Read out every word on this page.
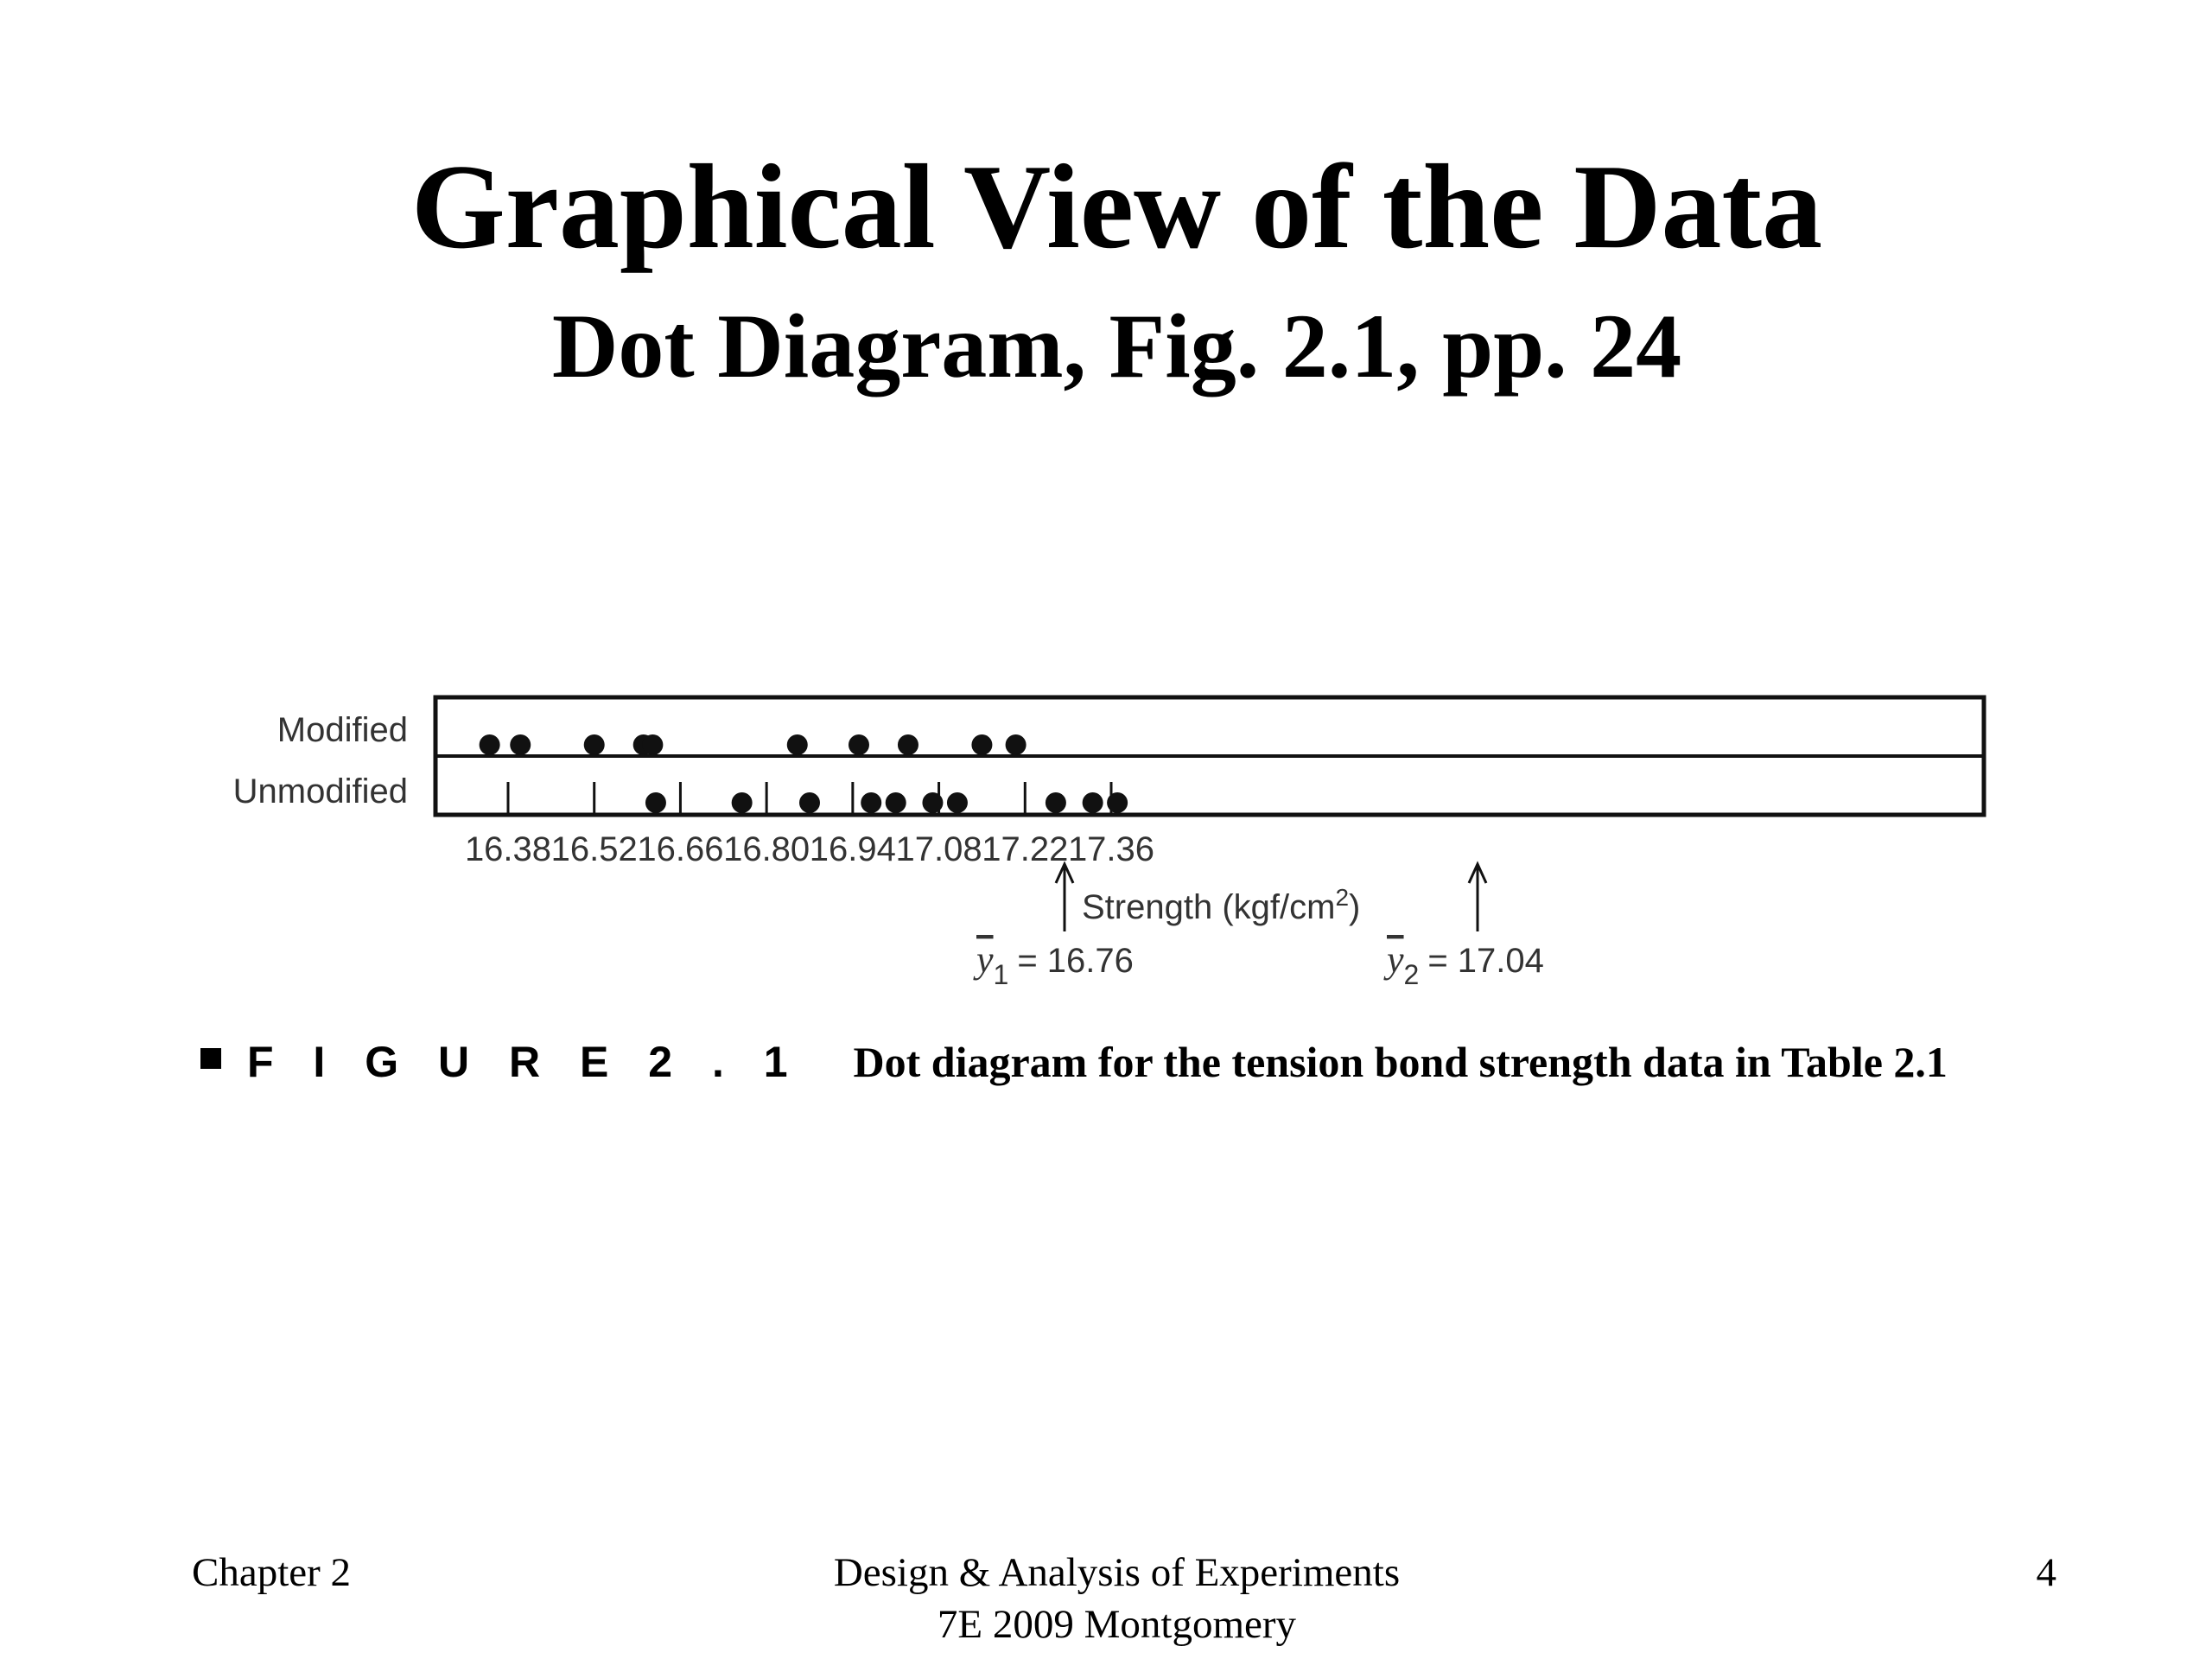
Graphical View of the Data
Dot Diagram, Fig. 2.1, pp. 24
Modified
Unmodified
16.38 16.52 16.66 16.80 16.94 17.08 17.22 17.36
Strength $(kgf/cm^2)$
$y_1 = 16.76$	$y_2 = 17.04$
F I G U R E 2 . 1 Dot diagram for the tension bond strength data in Table 2.1
Chapter 2	Design & Analysis of Experiments
7E 2009 Montgomery
4
